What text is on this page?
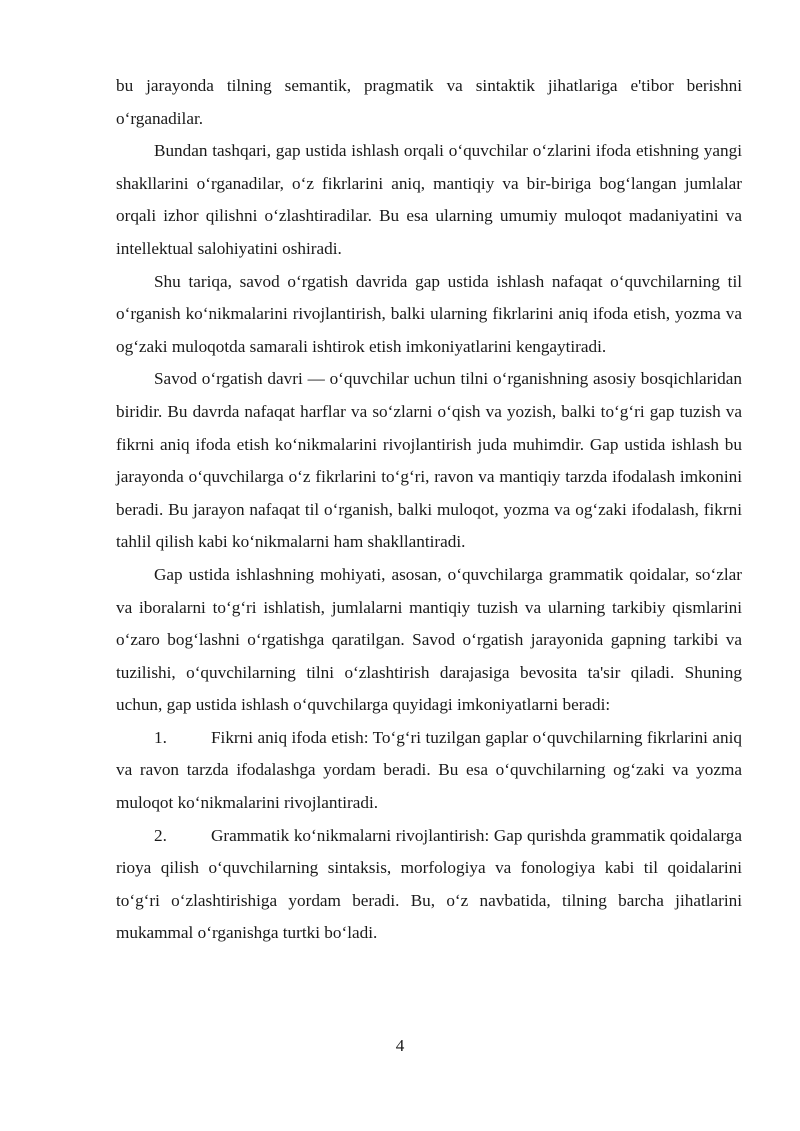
bu jarayonda tilning semantik, pragmatik va sintaktik jihatlariga e'tibor berishni o‘rganadilar.

Bundan tashqari, gap ustida ishlash orqali o‘quvchilar o‘zlarini ifoda etishning yangi shakllarini o‘rganadilar, o‘z fikrlarini aniq, mantiqiy va bir-biriga bog‘langan jumlalar orqali izhor qilishni o‘zlashtiradilar. Bu esa ularning umumiy muloqot madaniyatini va intellektual salohiyatini oshiradi.

Shu tariqa, savod o‘rgatish davrida gap ustida ishlash nafaqat o‘quvchilarning til o‘rganish ko‘nikmalarini rivojlantirish, balki ularning fikrlarini aniq ifoda etish, yozma va og‘zaki muloqotda samarali ishtirok etish imkoniyatlarini kengaytiradi.

Savod o‘rgatish davri — o‘quvchilar uchun tilni o‘rganishning asosiy bosqichlaridan biridir. Bu davrda nafaqat harflar va so‘zlarni o‘qish va yozish, balki to‘g‘ri gap tuzish va fikrni aniq ifoda etish ko‘nikmalarini rivojlantirish juda muhimdir. Gap ustida ishlash bu jarayonda o‘quvchilarga o‘z fikrlarini to‘g‘ri, ravon va mantiqiy tarzda ifodalash imkonini beradi. Bu jarayon nafaqat til o‘rganish, balki muloqot, yozma va og‘zaki ifodalash, fikrni tahlil qilish kabi ko‘nikmalarni ham shakllantiradi.

Gap ustida ishlashning mohiyati, asosan, o‘quvchilarga grammatik qoidalar, so‘zlar va iboralarni to‘g‘ri ishlatish, jumlalarni mantiqiy tuzish va ularning tarkibiy qismlarini o‘zaro bog‘lashni o‘rgatishga qaratilgan. Savod o‘rgatish jarayonida gapning tarkibi va tuzilishi, o‘quvchilarning tilni o‘zlashtirish darajasiga bevosita ta'sir qiladi. Shuning uchun, gap ustida ishlash o‘quvchilarga quyidagi imkoniyatlarni beradi:

1.	Fikrni aniq ifoda etish: To‘g‘ri tuzilgan gaplar o‘quvchilarning fikrlarini aniq va ravon tarzda ifodalashga yordam beradi. Bu esa o‘quvchilarning og‘zaki va yozma muloqot ko‘nikmalarini rivojlantiradi.

2.	Grammatik ko‘nikmalarni rivojlantirish: Gap qurishda grammatik qoidalarga rioya qilish o‘quvchilarning sintaksis, morfologiya va fonologiya kabi til qoidalarini to‘g‘ri o‘zlashtirishiga yordam beradi. Bu, o‘z navbatida, tilning barcha jihatlarini mukammal o‘rganishga turtki bo‘ladi.

4
